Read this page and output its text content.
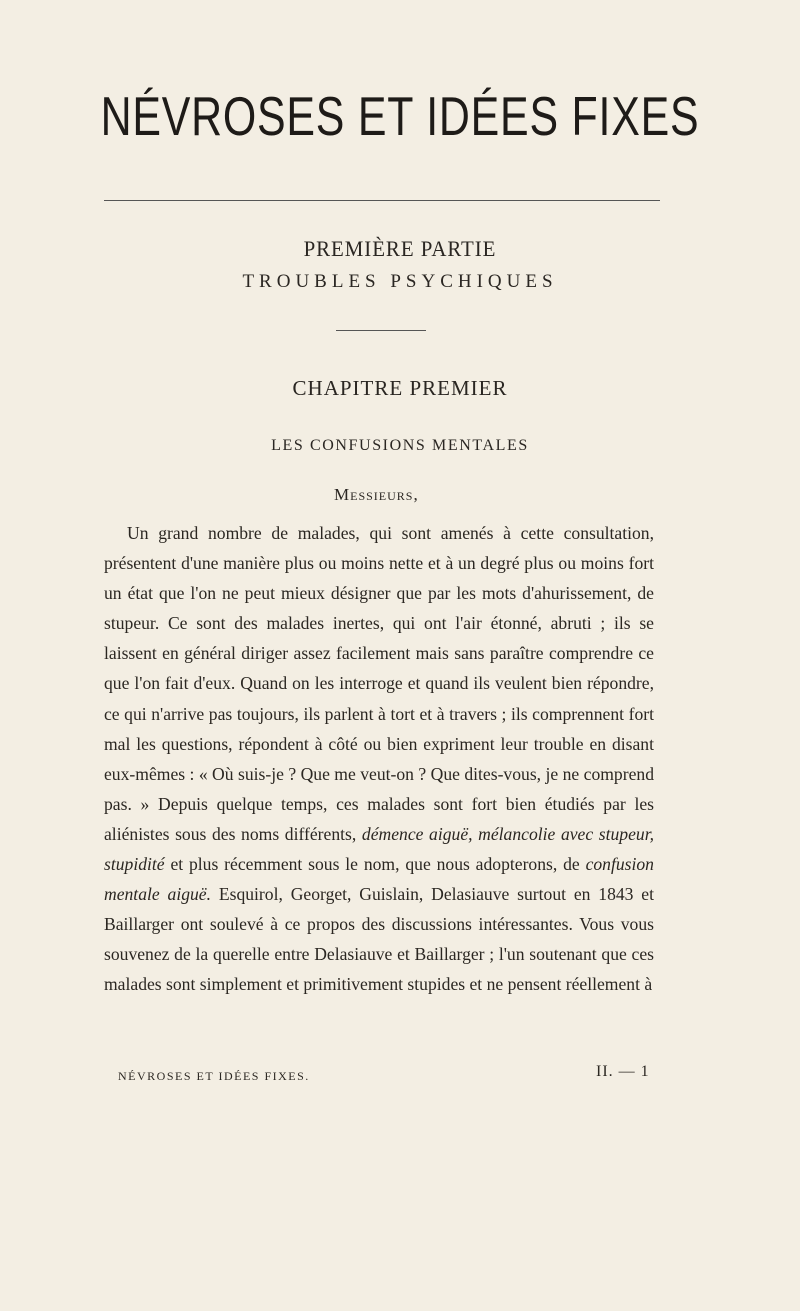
NÉVROSES ET IDÉES FIXES
PREMIÈRE PARTIE
TROUBLES PSYCHIQUES
CHAPITRE PREMIER
LES CONFUSIONS MENTALES
Messieurs,

Un grand nombre de malades, qui sont amenés à cette consultation, présentent d'une manière plus ou moins nette et à un degré plus ou moins fort un état que l'on ne peut mieux désigner que par les mots d'ahurissement, de stupeur. Ce sont des malades inertes, qui ont l'air étonné, abruti ; ils se laissent en général diriger assez facilement mais sans paraître comprendre ce que l'on fait d'eux. Quand on les interroge et quand ils veulent bien répondre, ce qui n'arrive pas toujours, ils parlent à tort et à travers ; ils comprennent fort mal les questions, répondent à côté ou bien expriment leur trouble en disant eux-mêmes : « Où suis-je ? Que me veut-on ? Que dites-vous, je ne comprend pas. » Depuis quelque temps, ces malades sont fort bien étudiés par les aliénistes sous des noms différents, démence aiguë, mélancolie avec stupeur, stupidité et plus récemment sous le nom, que nous adopterons, de confusion mentale aiguë. Esquirol, Georget, Guislain, Delasiauve surtout en 1843 et Baillarger ont soulevé à ce propos des discussions intéressantes. Vous vous souvenez de la querelle entre Delasiauve et Baillarger ; l'un soutenant que ces malades sont simplement et primitivement stupides et ne pensent réellement à

NÉVROSES ET IDÉES FIXES.	II. — 1
